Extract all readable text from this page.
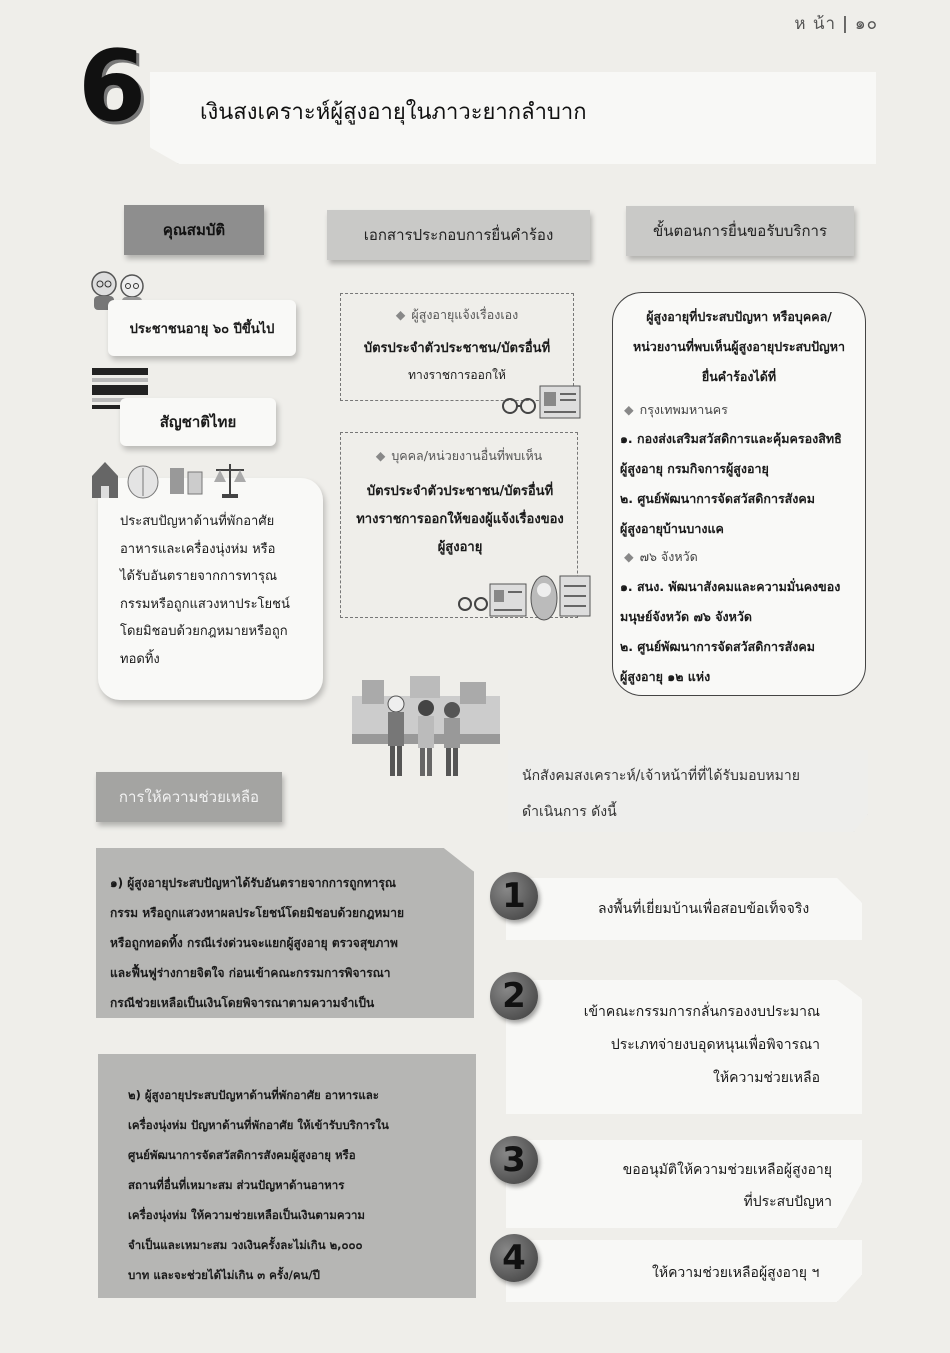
ห น้า | ๑๐
6 เงินสงเคราะห์ผู้สูงอายุในภาวะยากลำบาก
คุณสมบัติ	เอกสารประกอบการยื่นคำร้อง	ขั้นตอนการยื่นขอรับบริการ
ประชาชนอายุ ๖๐ ปีขึ้นไป
สัญชาติไทย
ประสบปัญหาด้านที่พักอาศัย
อาหารและเครื่องนุ่งห่ม หรือ
ได้รับอันตรายจากการทารุณ
กรรมหรือถูกแสวงหาประโยชน์
โดยมิชอบด้วยกฎหมายหรือถูก
ทอดทิ้ง
◆ ผู้สูงอายุแจ้งเรื่องเอง
บัตรประจำตัวประชาชน/บัตรอื่นที่
ทางราชการออกให้
◆ บุคคล/หน่วยงานอื่นที่พบเห็น
บัตรประจำตัวประชาชน/บัตรอื่นที่
ทางราชการออกให้ของผู้แจ้งเรื่องของ
ผู้สูงอายุ
ผู้สูงอายุที่ประสบปัญหา หรือบุคคล/
หน่วยงานที่พบเห็นผู้สูงอายุประสบปัญหา
ยื่นคำร้องได้ที่
◆ กรุงเทพมหานคร
๑. กองส่งเสริมสวัสดิการและคุ้มครองสิทธิ
ผู้สูงอายุ กรมกิจการผู้สูงอายุ
๒. ศูนย์พัฒนาการจัดสวัสดิการสังคม
ผู้สูงอายุบ้านบางแค
◆ ๗๖ จังหวัด
๑. สนง. พัฒนาสังคมและความมั่นคงของ
มนุษย์จังหวัด ๗๖ จังหวัด
๒. ศูนย์พัฒนาการจัดสวัสดิการสังคม
ผู้สูงอายุ ๑๒ แห่ง
การให้ความช่วยเหลือ
นักสังคมสงเคราะห์/เจ้าหน้าที่ที่ได้รับมอบหมาย
ดำเนินการ ดังนี้
๑) ผู้สูงอายุประสบปัญหาได้รับอันตรายจากการถูกทารุณ
กรรม หรือถูกแสวงหาผลประโยชน์โดยมิชอบด้วยกฎหมาย
หรือถูกทอดทิ้ง กรณีเร่งด่วนจะแยกผู้สูงอายุ ตรวจสุขภาพ
และฟื้นฟูร่างกายจิตใจ ก่อนเข้าคณะกรรมการพิจารณา
กรณีช่วยเหลือเป็นเงินโดยพิจารณาตามความจำเป็น
๒) ผู้สูงอายุประสบปัญหาด้านที่พักอาศัย อาหารและ
เครื่องนุ่งห่ม ปัญหาด้านที่พักอาศัย ให้เข้ารับบริการใน
ศูนย์พัฒนาการจัดสวัสดิการสังคมผู้สูงอายุ หรือ
สถานที่อื่นที่เหมาะสม ส่วนปัญหาด้านอาหาร
เครื่องนุ่งห่ม ให้ความช่วยเหลือเป็นเงินตามความ
จำเป็นและเหมาะสม วงเงินครั้งละไม่เกิน ๒,๐๐๐
บาท และจะช่วยได้ไม่เกิน ๓ ครั้ง/คน/ปี
1	ลงพื้นที่เยี่ยมบ้านเพื่อสอบข้อเท็จจริง
2	เข้าคณะกรรมการกลั่นกรองงบประมาณ
ประเภทจ่ายงบอุดหนุนเพื่อพิจารณา
ให้ความช่วยเหลือ
3	ขออนุมัติให้ความช่วยเหลือผู้สูงอายุ
ที่ประสบปัญหา
4	ให้ความช่วยเหลือผู้สูงอายุ ฯ
